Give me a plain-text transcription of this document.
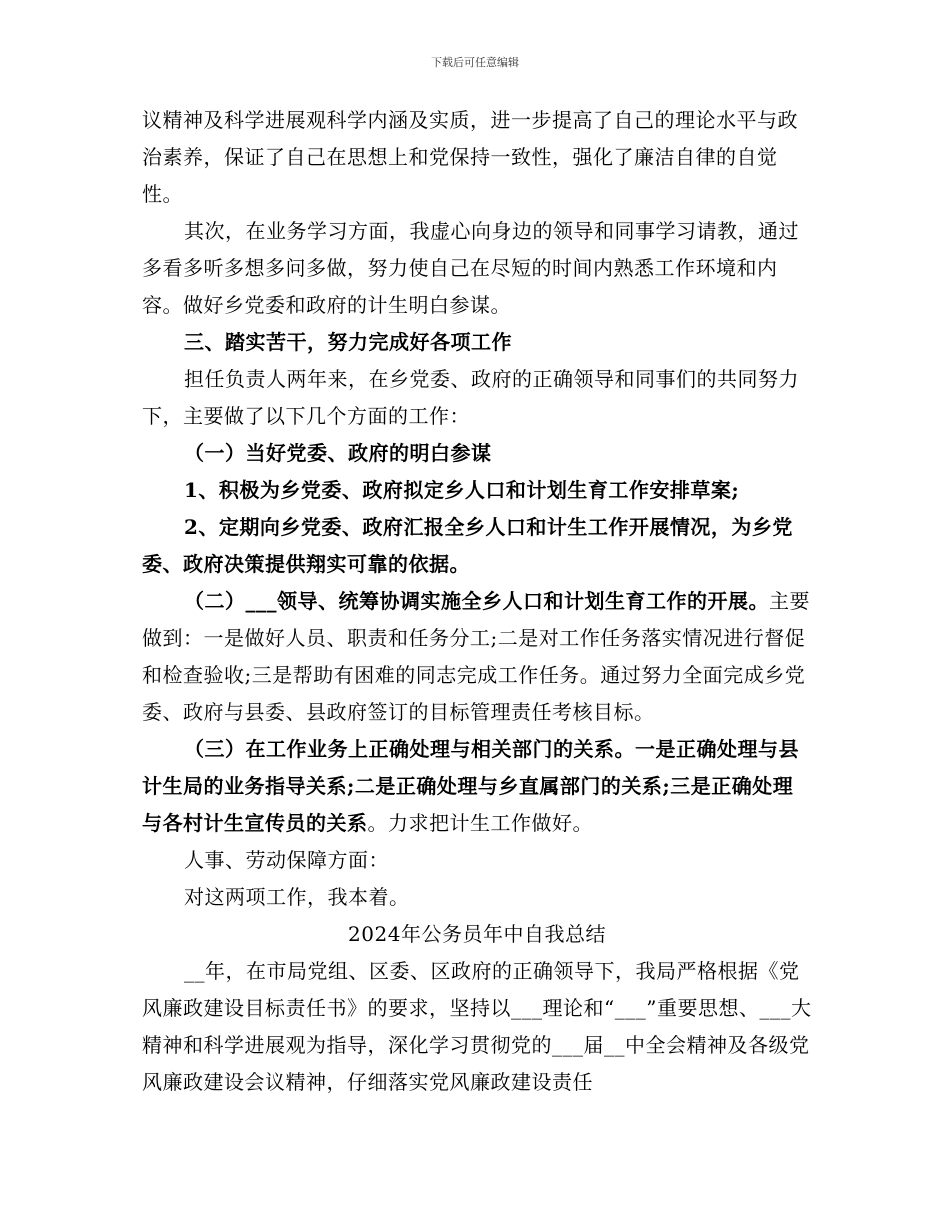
下载后可任意编辑

议精神及科学进展观科学内涵及实质，进一步提高了自己的理论水平与政治素养，保证了自己在思想上和党保持一致性，强化了廉洁自律的自觉性。

其次，在业务学习方面，我虚心向身边的领导和同事学习请教，通过多看多听多想多问多做，努力使自己在尽短的时间内熟悉工作环境和内容。做好乡党委和政府的计生明白参谋。

三、踏实苦干，努力完成好各项工作

担任负责人两年来，在乡党委、政府的正确领导和同事们的共同努力下，主要做了以下几个方面的工作：

（一）当好党委、政府的明白参谋

1、积极为乡党委、政府拟定乡人口和计划生育工作安排草案;

2、定期向乡党委、政府汇报全乡人口和计生工作开展情况，为乡党委、政府决策提供翔实可靠的依据。

（二）___领导、统筹协调实施全乡人口和计划生育工作的开展。主要做到：一是做好人员、职责和任务分工;二是对工作任务落实情况进行督促和检查验收;三是帮助有困难的同志完成工作任务。通过努力全面完成乡党委、政府与县委、县政府签订的目标管理责任考核目标。

（三）在工作业务上正确处理与相关部门的关系。一是正确处理与县计生局的业务指导关系;二是正确处理与乡直属部门的关系;三是正确处理与各村计生宣传员的关系。力求把计生工作做好。

人事、劳动保障方面：

对这两项工作，我本着。

2024年公务员年中自我总结

__年，在市局党组、区委、区政府的正确领导下，我局严格根据《党风廉政建设目标责任书》的要求，坚持以___理论和“___”重要思想、___大精神和科学进展观为指导，深化学习贯彻党的___届__中全会精神及各级党风廉政建设会议精神，仔细落实党风廉政建设责任
